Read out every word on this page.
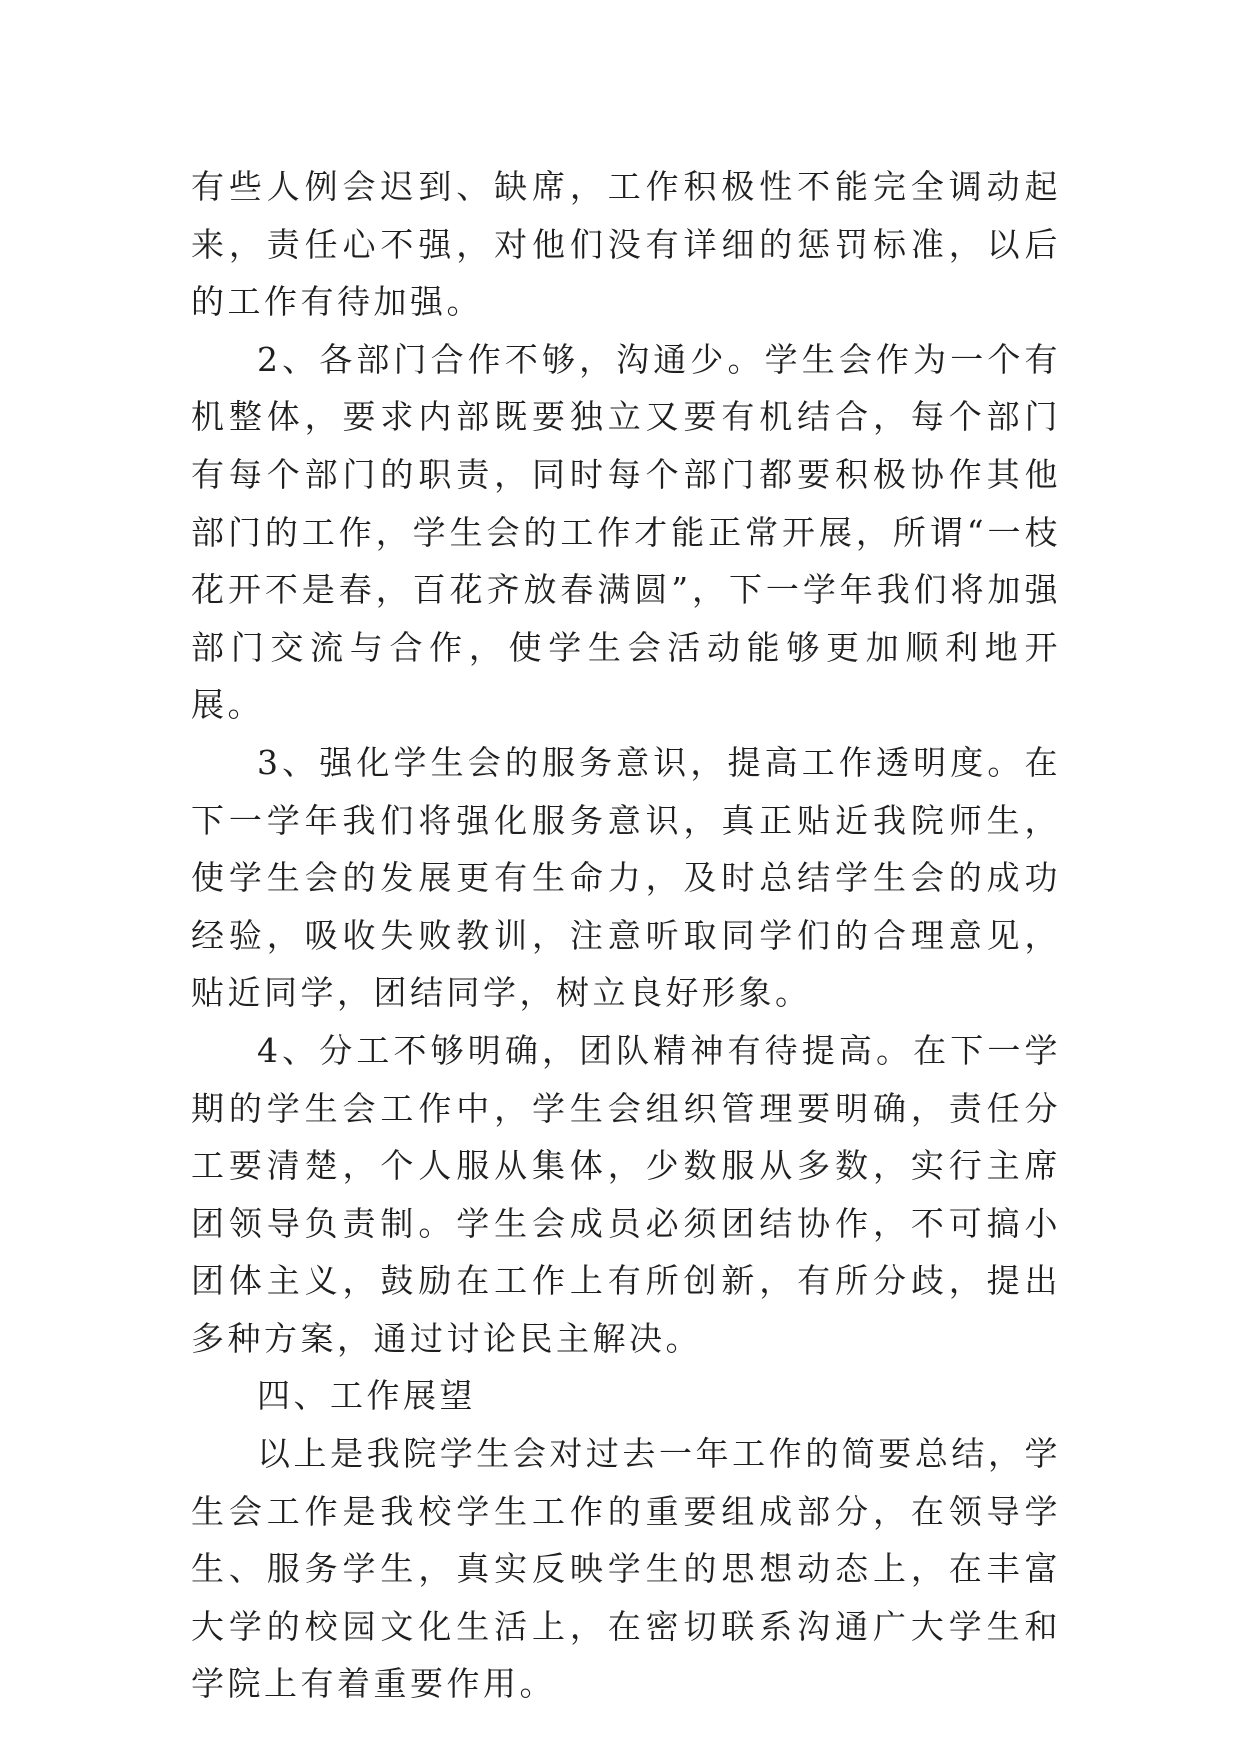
有些人例会迟到、缺席，工作积极性不能完全调动起来，责任心不强，对他们没有详细的惩罚标准，以后的工作有待加强。

2、各部门合作不够，沟通少。学生会作为一个有机整体，要求内部既要独立又要有机结合，每个部门有每个部门的职责，同时每个部门都要积极协作其他部门的工作，学生会的工作才能正常开展，所谓“一枝花开不是春，百花齐放春满圆”，下一学年我们将加强部门交流与合作，使学生会活动能够更加顺利地开展。

3、强化学生会的服务意识，提高工作透明度。在下一学年我们将强化服务意识，真正贴近我院师生，使学生会的发展更有生命力，及时总结学生会的成功经验，吸收失败教训，注意听取同学们的合理意见，贴近同学，团结同学，树立良好形象。

4、分工不够明确，团队精神有待提高。在下一学期的学生会工作中，学生会组织管理要明确，责任分工要清楚，个人服从集体，少数服从多数，实行主席团领导负责制。学生会成员必须团结协作，不可搞小团体主义，鼓励在工作上有所创新，有所分歧，提出多种方案，通过讨论民主解决。

四、工作展望

以上是我院学生会对过去一年工作的简要总结，学生会工作是我校学生工作的重要组成部分，在领导学生、服务学生，真实反映学生的思想动态上，在丰富大学的校园文化生活上，在密切联系沟通广大学生和学院上有着重要作用。
